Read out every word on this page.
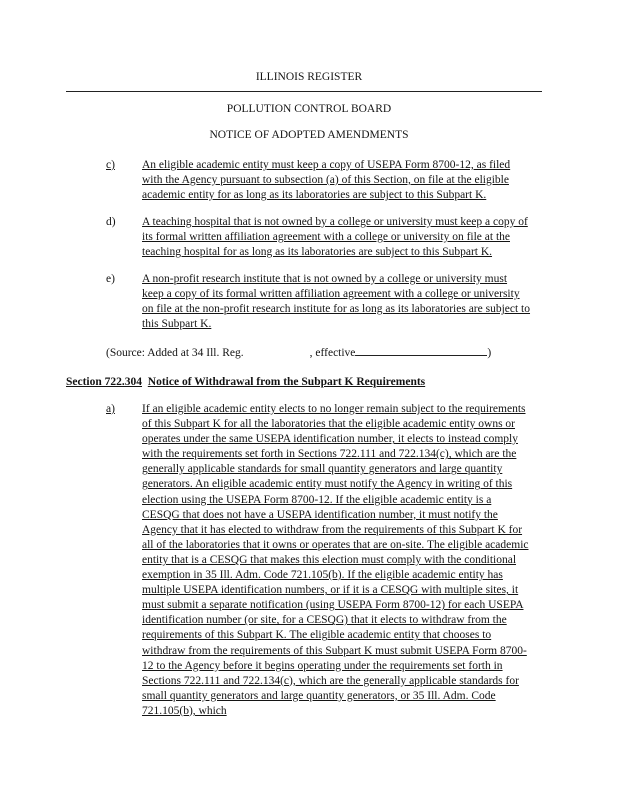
ILLINOIS REGISTER
POLLUTION CONTROL BOARD
NOTICE OF ADOPTED AMENDMENTS
c) An eligible academic entity must keep a copy of USEPA Form 8700-12, as filed with the Agency pursuant to subsection (a) of this Section, on file at the eligible academic entity for as long as its laboratories are subject to this Subpart K.
d) A teaching hospital that is not owned by a college or university must keep a copy of its formal written affiliation agreement with a college or university on file at the teaching hospital for as long as its laboratories are subject to this Subpart K.
e) A non-profit research institute that is not owned by a college or university must keep a copy of its formal written affiliation agreement with a college or university on file at the non-profit research institute for as long as its laboratories are subject to this Subpart K.
(Source: Added at 34 Ill. Reg.	, effective	)
Section 722.304 Notice of Withdrawal from the Subpart K Requirements
a) If an eligible academic entity elects to no longer remain subject to the requirements of this Subpart K for all the laboratories that the eligible academic entity owns or operates under the same USEPA identification number, it elects to instead comply with the requirements set forth in Sections 722.111 and 722.134(c), which are the generally applicable standards for small quantity generators and large quantity generators. An eligible academic entity must notify the Agency in writing of this election using the USEPA Form 8700-12. If the eligible academic entity is a CESQG that does not have a USEPA identification number, it must notify the Agency that it has elected to withdraw from the requirements of this Subpart K for all of the laboratories that it owns or operates that are on-site. The eligible academic entity that is a CESQG that makes this election must comply with the conditional exemption in 35 Ill. Adm. Code 721.105(b). If the eligible academic entity has multiple USEPA identification numbers, or if it is a CESQG with multiple sites, it must submit a separate notification (using USEPA Form 8700-12) for each USEPA identification number (or site, for a CESQG) that it elects to withdraw from the requirements of this Subpart K. The eligible academic entity that chooses to withdraw from the requirements of this Subpart K must submit USEPA Form 8700-12 to the Agency before it begins operating under the requirements set forth in Sections 722.111 and 722.134(c), which are the generally applicable standards for small quantity generators and large quantity generators, or 35 Ill. Adm. Code 721.105(b), which
